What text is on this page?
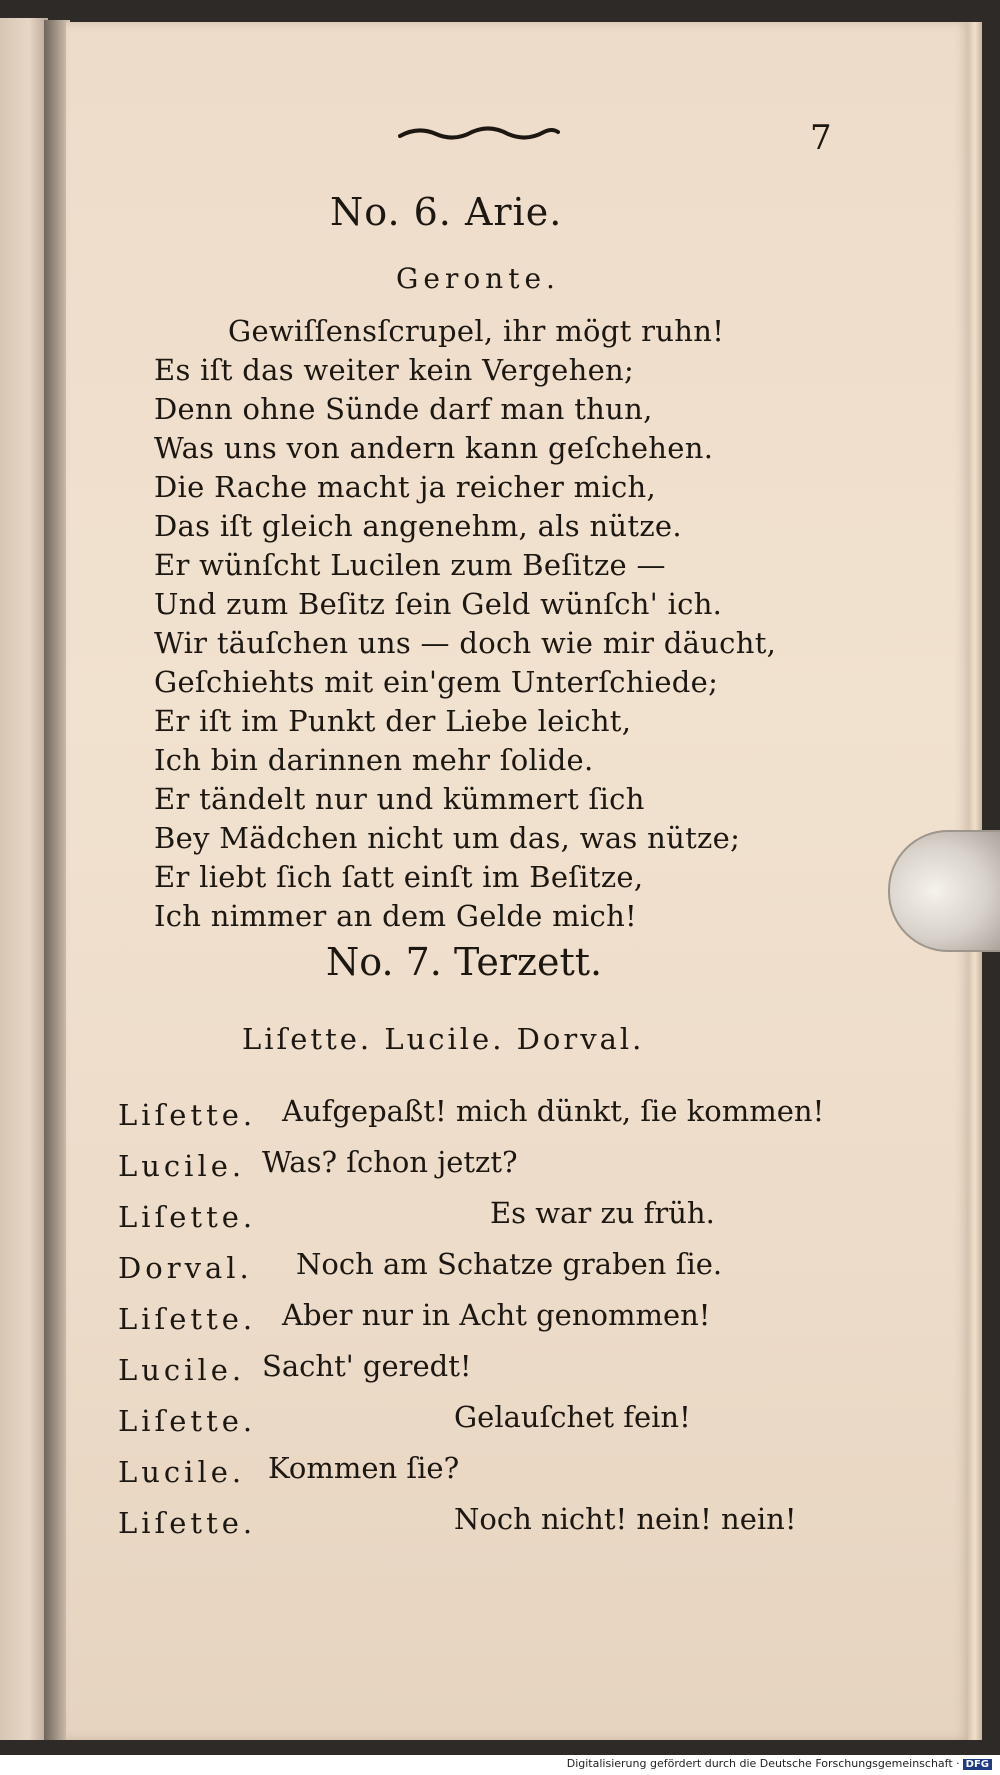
7
No. 6. Arie.
Geronte.
Gewiſſensſcrupel, ihr mögt ruhn!
Es iſt das weiter kein Vergehen;
Denn ohne Sünde darf man thun,
Was uns von andern kann geſchehen.
Die Rache macht ja reicher mich,
Das iſt gleich angenehm, als nütze.
Er wünſcht Lucilen zum Beſitze —
Und zum Beſitz ſein Geld wünſch' ich.
Wir täuſchen uns — doch wie mir däucht,
Geſchiehts mit ein'gem Unterſchiede;
Er iſt im Punkt der Liebe leicht,
Ich bin darinnen mehr ſolide.
Er tändelt nur und kümmert ſich
Bey Mädchen nicht um das, was nütze;
Er liebt ſich ſatt einſt im Beſitze,
Ich nimmer an dem Gelde mich!
No. 7. Terzett.
Liſette. Lucile. Dorval.
Liſette. Aufgepaßt! mich dünkt, ſie kommen!
Lucile. Was? ſchon jetzt?
Liſette.	Es war zu früh.
Dorval. Noch am Schatze graben ſie.
Liſette. Aber nur in Acht genommen!
Lucile. Sacht' geredt!
Liſette.	Gelauſchet fein!
Lucile. Kommen ſie?
Liſette.	Noch nicht! nein! nein!
Digitalisierung gefördert durch die Deutsche Forschungsgemeinschaft · DFG
